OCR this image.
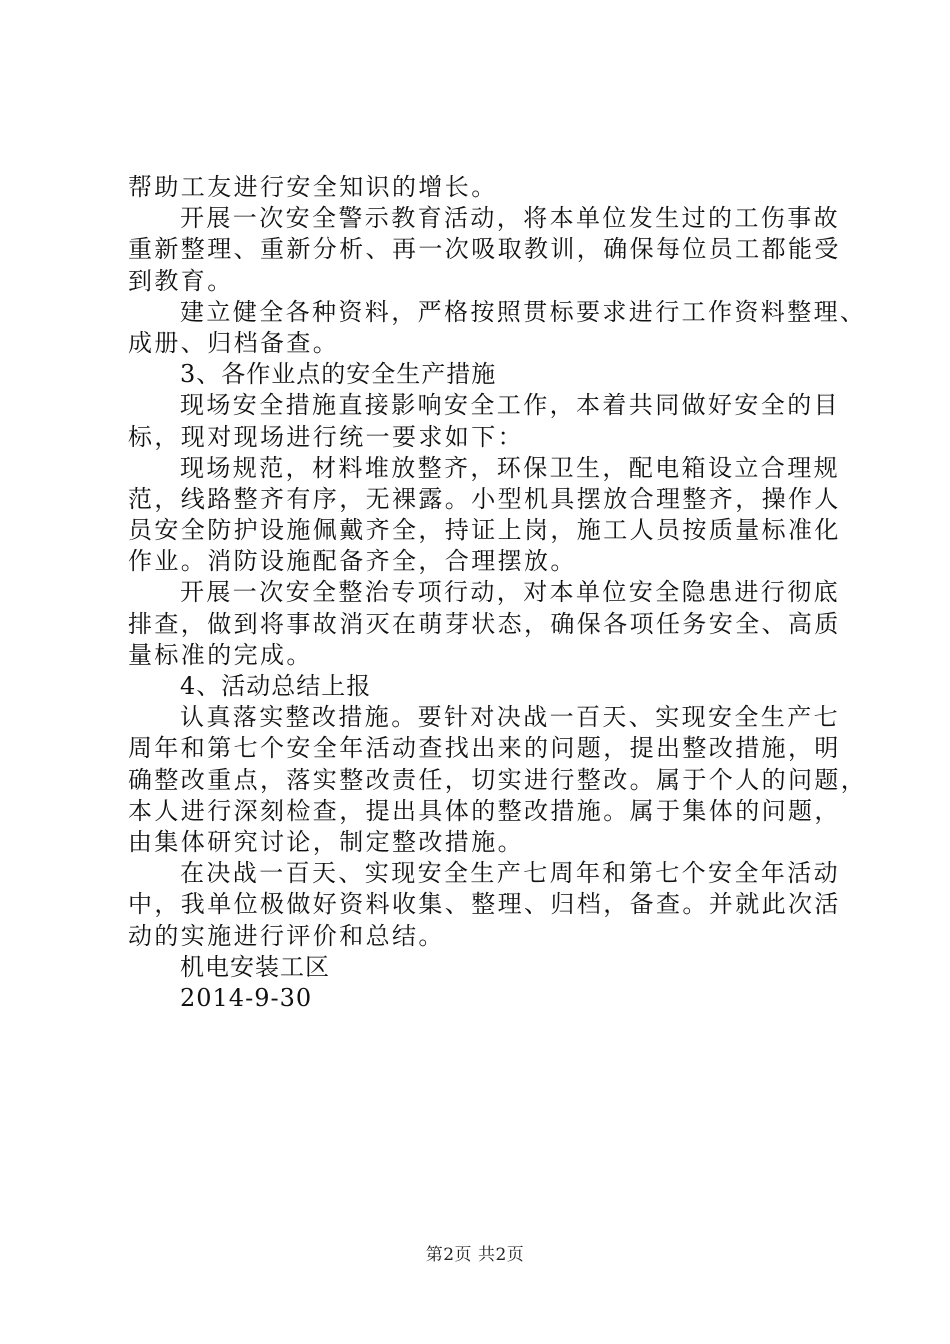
帮助工友进行安全知识的增长。
开展一次安全警示教育活动，将本单位发生过的工伤事故
重新整理、重新分析、再一次吸取教训，确保每位员工都能受
到教育。
建立健全各种资料，严格按照贯标要求进行工作资料整理、
成册、归档备查。
3、各作业点的安全生产措施
现场安全措施直接影响安全工作，本着共同做好安全的目
标，现对现场进行统一要求如下：
现场规范，材料堆放整齐，环保卫生，配电箱设立合理规
范，线路整齐有序，无裸露。小型机具摆放合理整齐，操作人
员安全防护设施佩戴齐全，持证上岗，施工人员按质量标准化
作业。消防设施配备齐全，合理摆放。
开展一次安全整治专项行动，对本单位安全隐患进行彻底
排查，做到将事故消灭在萌芽状态，确保各项任务安全、高质
量标准的完成。
4、活动总结上报
认真落实整改措施。要针对决战一百天、实现安全生产七
周年和第七个安全年活动查找出来的问题，提出整改措施，明
确整改重点，落实整改责任，切实进行整改。属于个人的问题，
本人进行深刻检查，提出具体的整改措施。属于集体的问题，
由集体研究讨论，制定整改措施。
在决战一百天、实现安全生产七周年和第七个安全年活动
中，我单位极做好资料收集、整理、归档，备查。并就此次活
动的实施进行评价和总结。
机电安装工区
2014-9-30
第2页 共2页
